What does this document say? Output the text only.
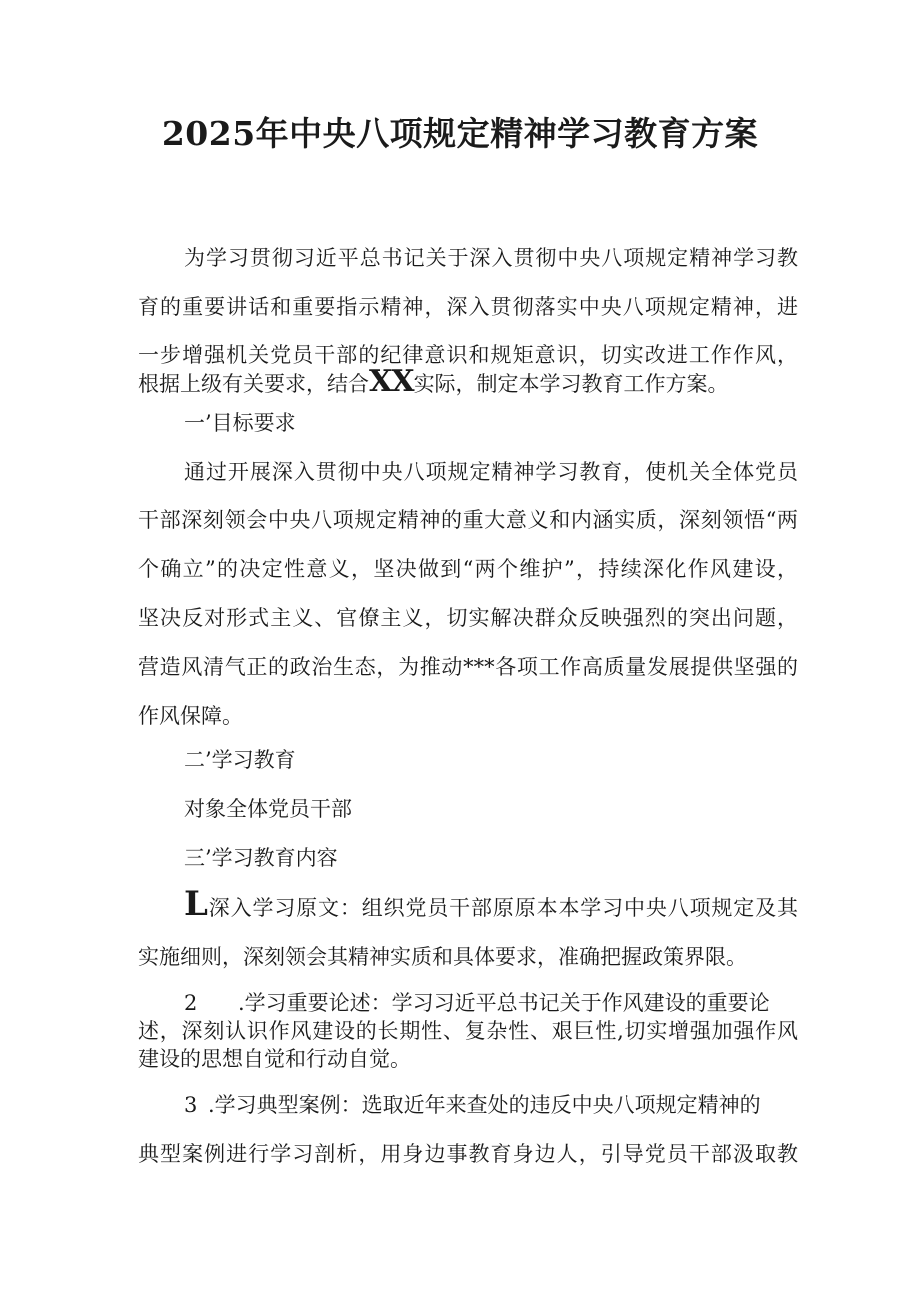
2025年中央八项规定精神学习教育方案

为学习贯彻习近平总书记关于深入贯彻中央八项规定精神学习教

育的重要讲话和重要指示精神，深入贯彻落实中央八项规定精神，进

一步增强机关党员干部的纪律意识和规矩意识，切实改进工作作风，

根据上级有关要求，结合XX实际，制定本学习教育工作方案。

一’目标要求

通过开展深入贯彻中央八项规定精神学习教育，使机关全体党员

干部深刻领会中央八项规定精神的重大意义和内涵实质，深刻领悟“两

个确立”的决定性意义，坚决做到“两个维护”，持续深化作风建设，

坚决反对形式主义、官僚主义，切实解决群众反映强烈的突出问题，

营造风清气正的政治生态，为推动***各项工作高质量发展提供坚强的

作风保障。

二’学习教育

对象全体党员干部

三’学习教育内容

L深入学习原文：组织党员干部原原本本学习中央八项规定及其

实施细则，深刻领会其精神实质和具体要求，准确把握政策界限。

2 .学习重要论述：学习习近平总书记关于作风建设的重要论

述，深刻认识作风建设的长期性、复杂性、艰巨性,切实增强加强作风

建设的思想自觉和行动自觉。

3 .学习典型案例：选取近年来查处的违反中央八项规定精神的

典型案例进行学习剖析，用身边事教育身边人，引导党员干部汲取教
